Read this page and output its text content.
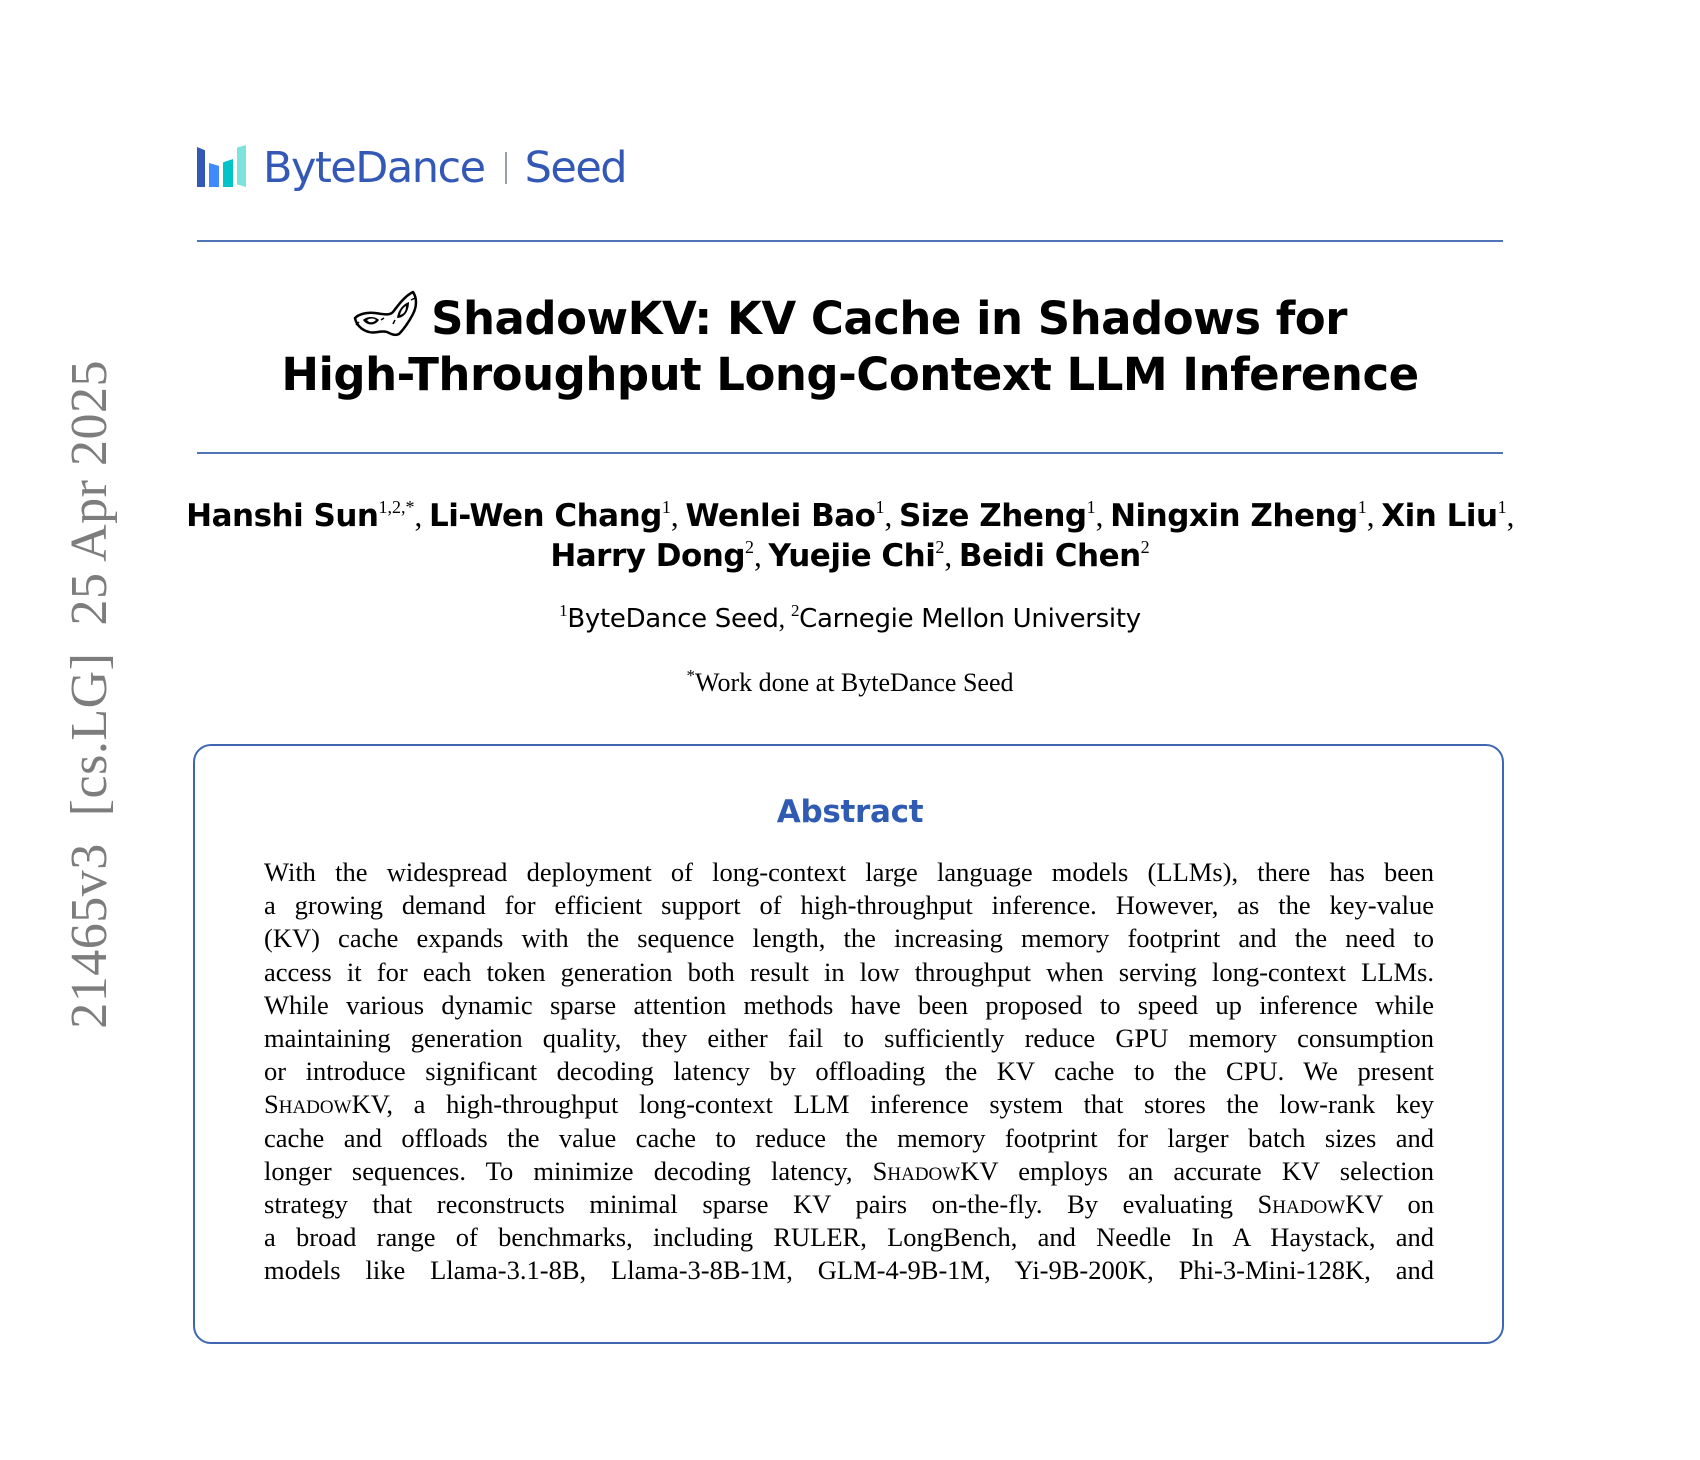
21465v3  [cs.LG]  25 Apr 2025
ByteDance Seed
ShadowKV: KV Cache in Shadows for
High-Throughput Long-Context LLM Inference
Hanshi Sun$^{1,2,*}$, Li-Wen Chang$^1$, Wenlei Bao$^1$, Size Zheng$^1$, Ningxin Zheng$^1$, Xin Liu$^1$,
Harry Dong$^2$, Yuejie Chi$^2$, Beidi Chen$^2$
$^1$ByteDance Seed, $^2$Carnegie Mellon University
*Work done at ByteDance Seed
Abstract
With the widespread deployment of long-context large language models (LLMs), there has been
a growing demand for efficient support of high-throughput inference. However, as the key-value
(KV) cache expands with the sequence length, the increasing memory footprint and the need to
access it for each token generation both result in low throughput when serving long-context LLMs.
While various dynamic sparse attention methods have been proposed to speed up inference while
maintaining generation quality, they either fail to sufficiently reduce GPU memory consumption
or introduce significant decoding latency by offloading the KV cache to the CPU. We present
ShadowKV, a high-throughput long-context LLM inference system that stores the low-rank key
cache and offloads the value cache to reduce the memory footprint for larger batch sizes and
longer sequences. To minimize decoding latency, ShadowKV employs an accurate KV selection
strategy that reconstructs minimal sparse KV pairs on-the-fly. By evaluating ShadowKV on
a broad range of benchmarks, including RULER, LongBench, and Needle In A Haystack, and
models like Llama-3.1-8B, Llama-3-8B-1M, GLM-4-9B-1M, Yi-9B-200K, Phi-3-Mini-128K, and
